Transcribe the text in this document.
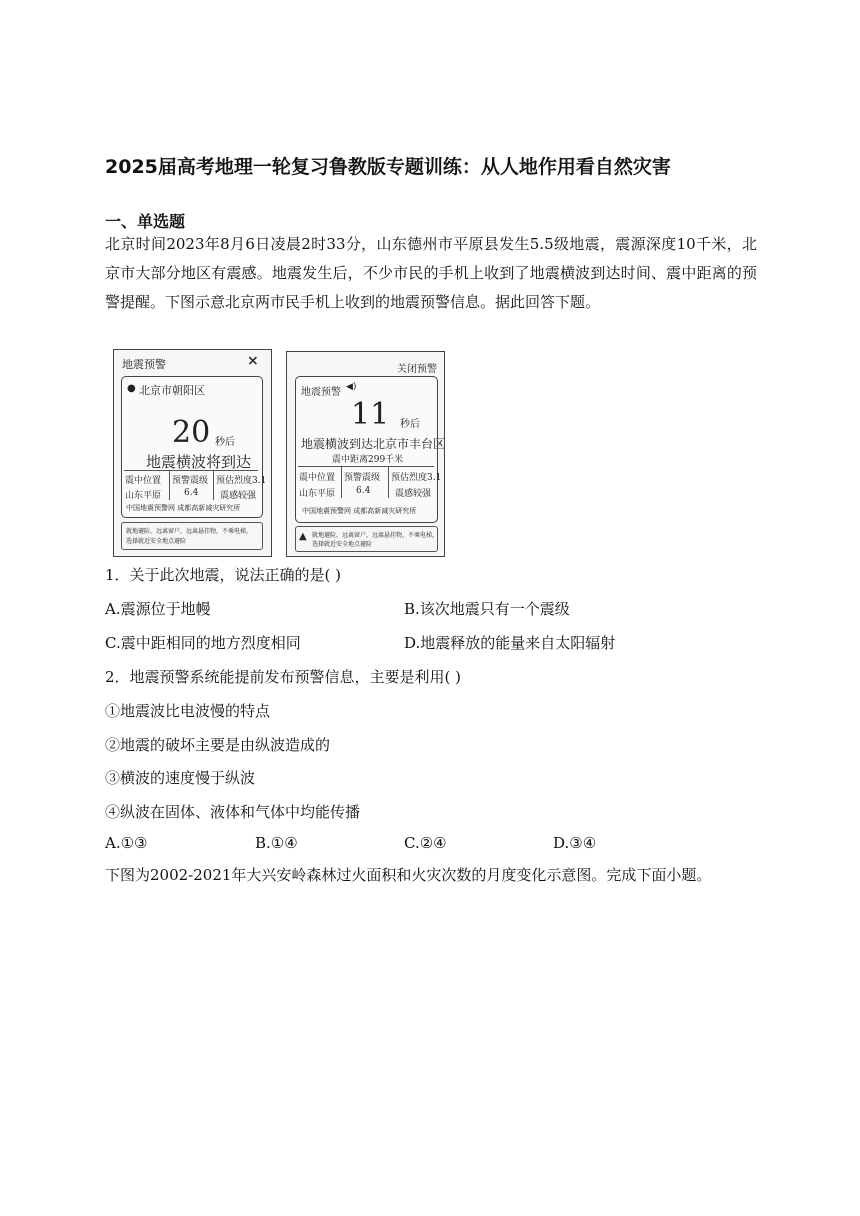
2025届高考地理一轮复习鲁教版专题训练：从人地作用看自然灾害
一、单选题

北京时间2023年8月6日凌晨2时33分，山东德州市平原县发生5.5级地震，震源深度10千米，北京市大部分地区有震感。地震发生后，不少市民的手机上收到了地震横波到达时间、震中距离的预警提醒。下图示意北京两市民手机上收到的地震预警信息。据此回答下题。

地震预警	×
● 北京市朝阳区
20 秒后
地震横波将到达
震中位置 预警震级 预估烈度3.1
山东平原	6.4 震感较强
中国地震预警网 成都高新减灾研究所
就地避险，远离窗户，远离悬挂物，不乘电梯，
选择就近安全地点避险
关闭预警
地震预警 ◀)
11 秒后
地震横波到达北京市丰台区
震中距离299千米
震中位置 预警震级 预估烈度3.1
山东平原 6.4	震感较强
中国地震预警网 成都高新减灾研究所
▲ 就地避险，远离窗户，远离悬挂物，不乘电梯，
选择就近安全地点避险
1．关于此次地震，说法正确的是( )
A.震源位于地幔	B.该次地震只有一个震级
C.震中距相同的地方烈度相同	D.地震释放的能量来自太阳辐射
2．地震预警系统能提前发布预警信息，主要是利用( )
①地震波比电波慢的特点
②地震的破坏主要是由纵波造成的
③横波的速度慢于纵波
④纵波在固体、液体和气体中均能传播
A.①③	B.①④	C.②④	D.③④

下图为2002-2021年大兴安岭森林过火面积和火灾次数的月度变化示意图。完成下面小题。
